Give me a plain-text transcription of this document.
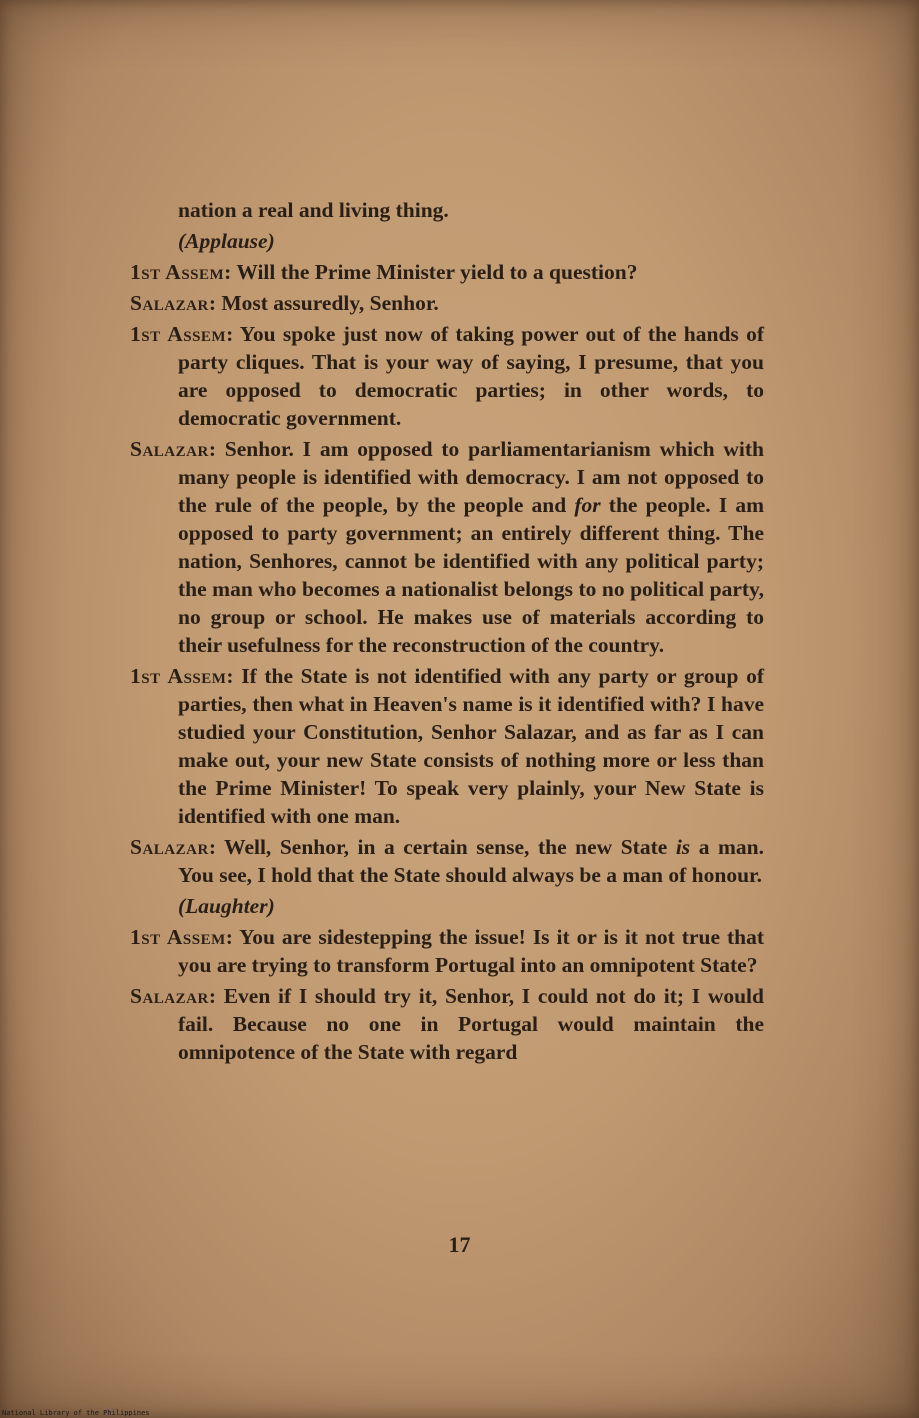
nation a real and living thing.

(Applause)

1st Assem: Will the Prime Minister yield to a question?

Salazar: Most assuredly, Senhor.

1st Assem: You spoke just now of taking power out of the hands of party cliques. That is your way of saying, I presume, that you are opposed to democratic parties; in other words, to democratic government.

Salazar: Senhor. I am opposed to parliamentarianism which with many people is identified with democracy. I am not opposed to the rule of the people, by the people and for the people. I am opposed to party government; an entirely different thing. The nation, Senhores, cannot be identified with any political party; the man who becomes a nationalist belongs to no political party, no group or school. He makes use of materials according to their usefulness for the reconstruction of the country.

1st Assem: If the State is not identified with any party or group of parties, then what in Heaven's name is it identified with? I have studied your Constitution, Senhor Salazar, and as far as I can make out, your new State consists of nothing more or less than the Prime Minister! To speak very plainly, your New State is identified with one man.

Salazar: Well, Senhor, in a certain sense, the new State is a man. You see, I hold that the State should always be a man of honour.

(Laughter)

1st Assem: You are sidestepping the issue! Is it or is it not true that you are trying to transform Portugal into an omnipotent State?

Salazar: Even if I should try it, Senhor, I could not do it; I would fail. Because no one in Portugal would maintain the omnipotence of the State with regard

17
National Library of the Philippines
